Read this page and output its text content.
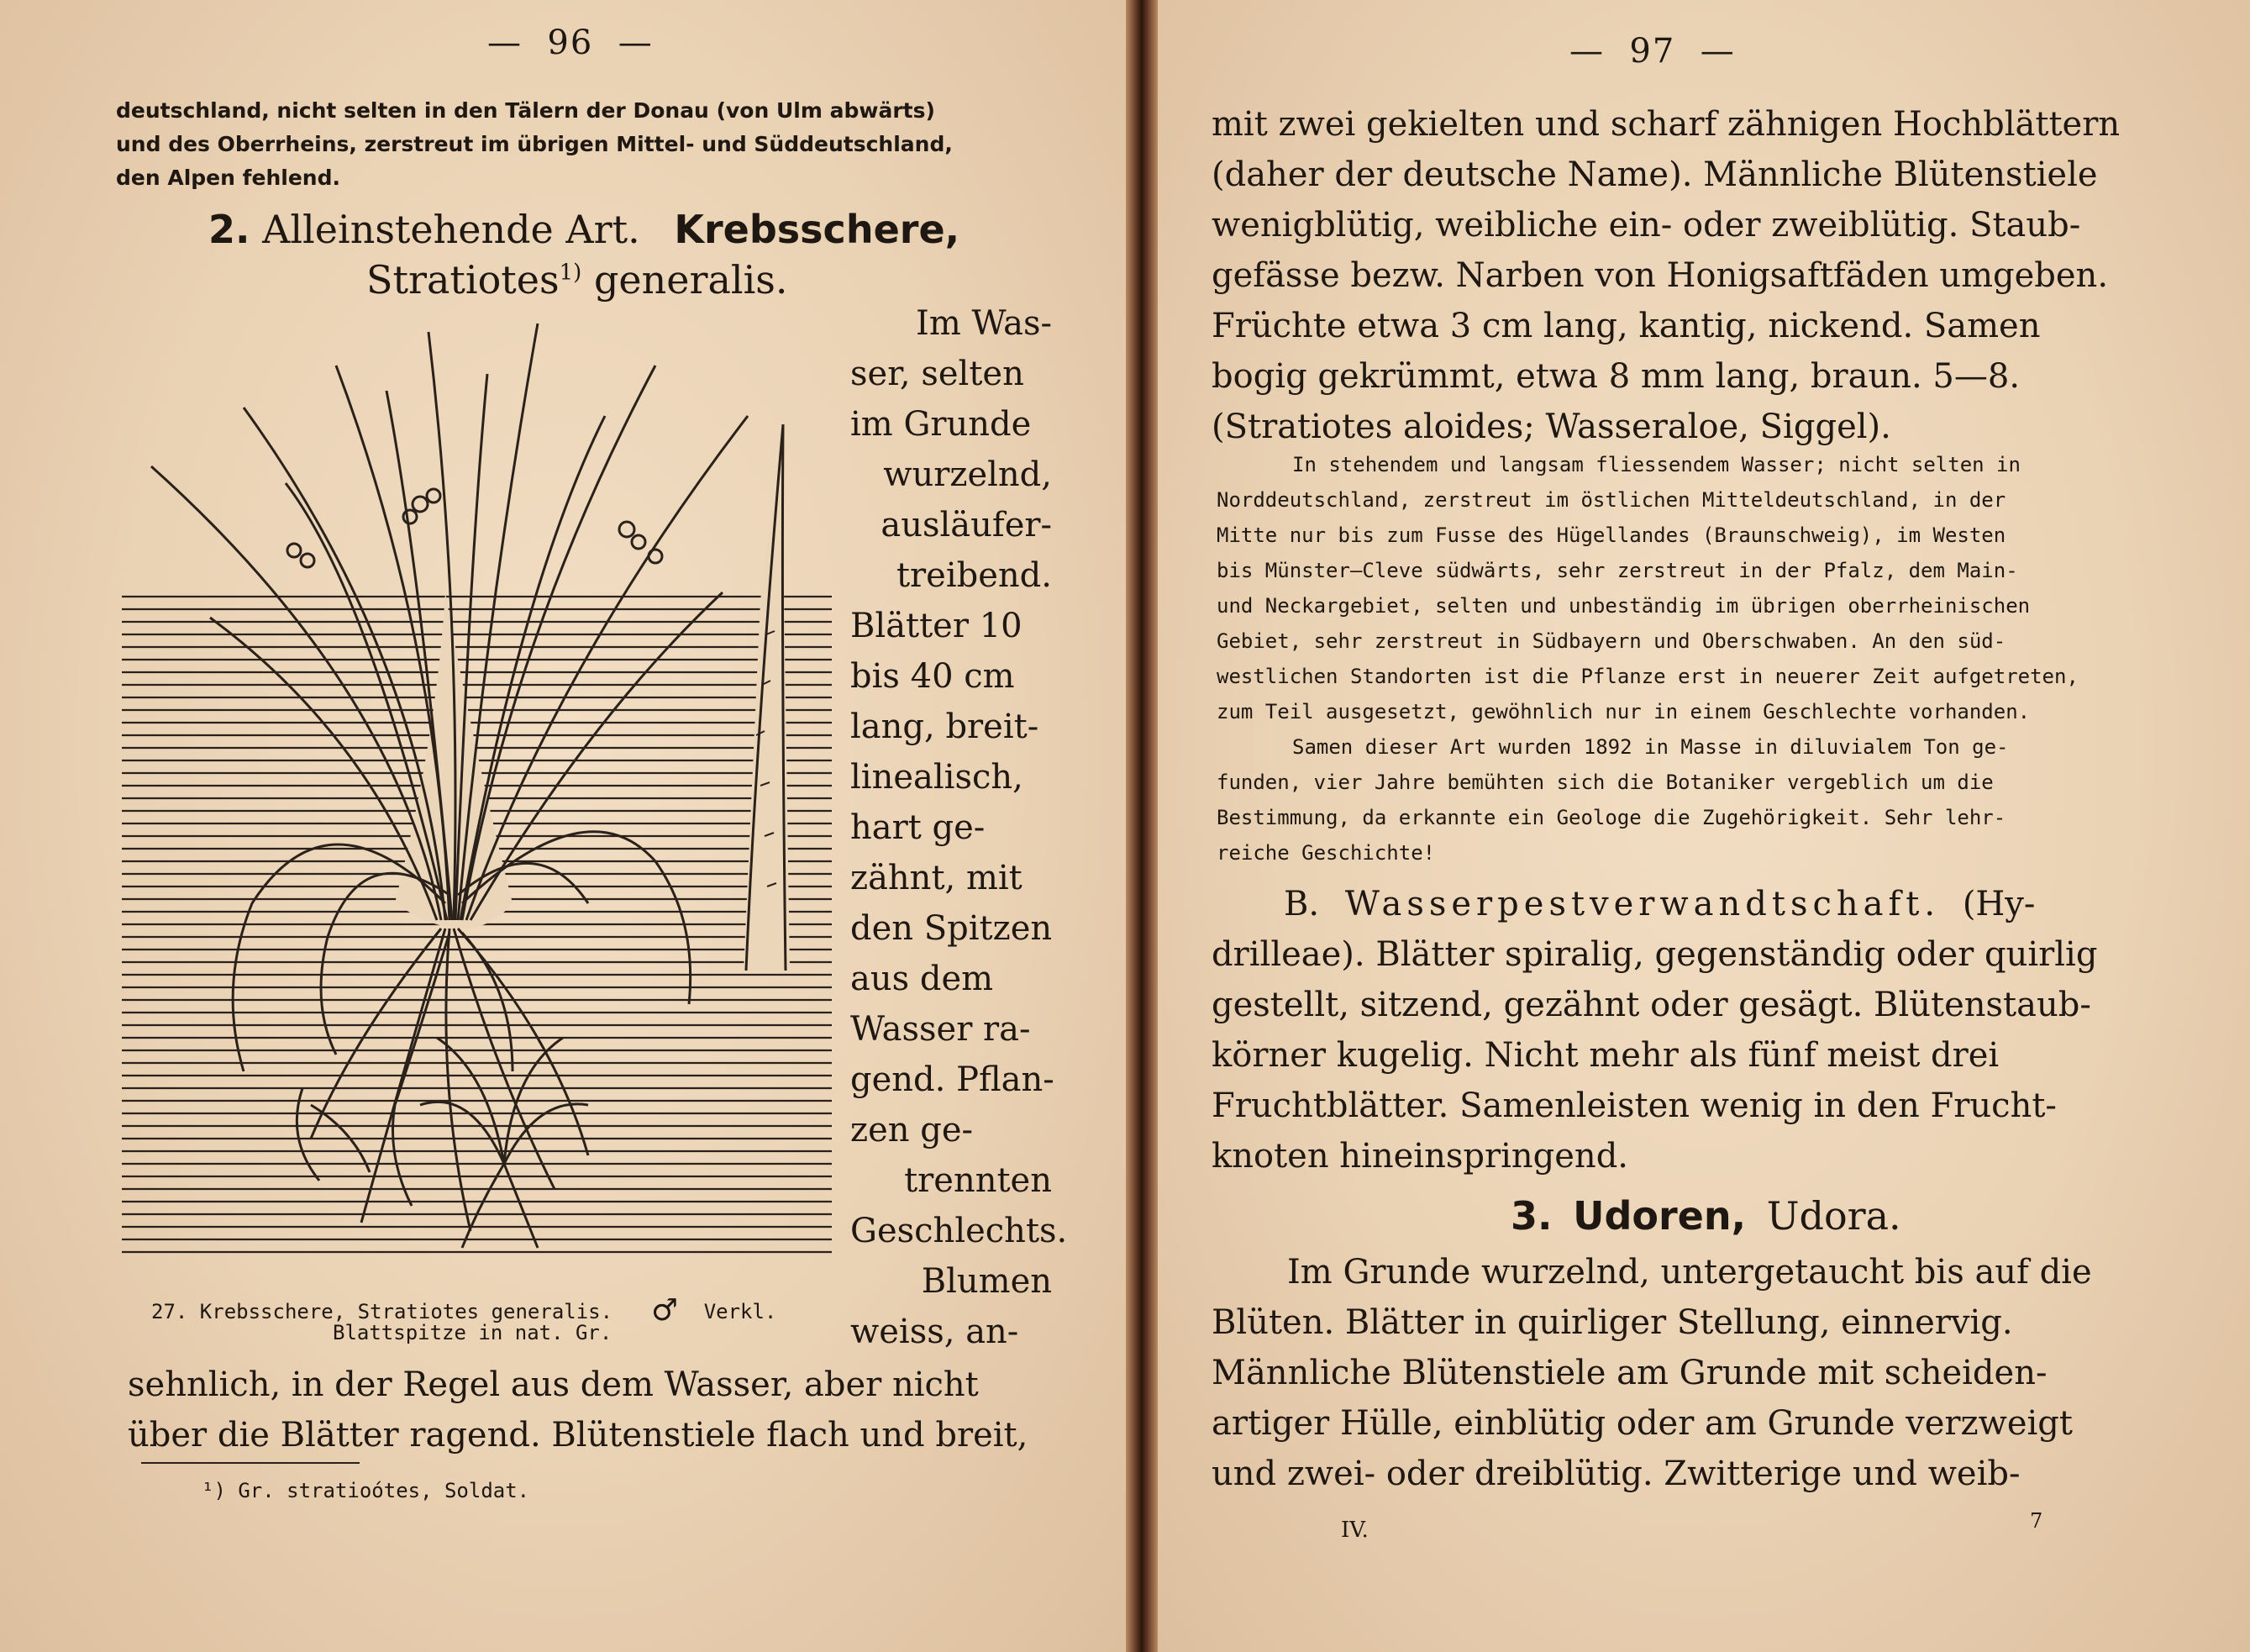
—  96  —
deutschland, nicht selten in den Tälern der Donau (von Ulm abwärts)
und des Oberrheins, zerstreut im übrigen Mittel- und Süddeutschland,
den Alpen fehlend.
2. Alleinstehende Art. Krebsschere,
Stratiotes$^{1)}$ generalis.
Im Was-
ser, selten
im Grunde
wurzelnd,
ausläufer-
treibend.
Blätter 10
bis 40 cm
lang, breit-
linealisch,
hart ge-
zähnt, mit
den Spitzen
aus dem
Wasser ra-
gend. Pflan-
zen ge-
trennten
Geschlechts.
Blumen
weiss, an-
27. Krebsschere, Stratiotes generalis. ♂ Verkl.
Blattspitze in nat. Gr.
sehnlich, in der Regel aus dem Wasser, aber nicht
über die Blätter ragend. Blütenstiele flach und breit,
¹) Gr. stratioótes, Soldat.
—  97  —
mit zwei gekielten und scharf zähnigen Hochblättern
(daher der deutsche Name). Männliche Blütenstiele
wenigblütig, weibliche ein- oder zweiblütig. Staub-
gefässe bezw. Narben von Honigsaftfäden umgeben.
Früchte etwa 3 cm lang, kantig, nickend. Samen
bogig gekrümmt, etwa 8 mm lang, braun. 5—8.
(Stratiotes aloides; Wasseraloe, Siggel).
In stehendem und langsam fliessendem Wasser; nicht selten in
Norddeutschland, zerstreut im östlichen Mitteldeutschland, in der
Mitte nur bis zum Fusse des Hügellandes (Braunschweig), im Westen
bis Münster—Cleve südwärts, sehr zerstreut in der Pfalz, dem Main-
und Neckargebiet, selten und unbeständig im übrigen oberrheinischen
Gebiet, sehr zerstreut in Südbayern und Oberschwaben. An den süd-
westlichen Standorten ist die Pflanze erst in neuerer Zeit aufgetreten,
zum Teil ausgesetzt, gewöhnlich nur in einem Geschlechte vorhanden.
Samen dieser Art wurden 1892 in Masse in diluvialem Ton ge-
funden, vier Jahre bemühten sich die Botaniker vergeblich um die
Bestimmung, da erkannte ein Geologe die Zugehörigkeit. Sehr lehr-
reiche Geschichte!
B. Wasserpestverwandtschaft. (Hy-
drilleae). Blätter spiralig, gegenständig oder quirlig
gestellt, sitzend, gezähnt oder gesägt. Blütenstaub-
körner kugelig. Nicht mehr als fünf meist drei
Fruchtblätter. Samenleisten wenig in den Frucht-
knoten hineinspringend.
3. Udoren, Udora.
Im Grunde wurzelnd, untergetaucht bis auf die
Blüten. Blätter in quirliger Stellung, einnervig.
Männliche Blütenstiele am Grunde mit scheiden-
artiger Hülle, einblütig oder am Grunde verzweigt
und zwei- oder dreiblütig. Zwitterige und weib-
IV.	7
